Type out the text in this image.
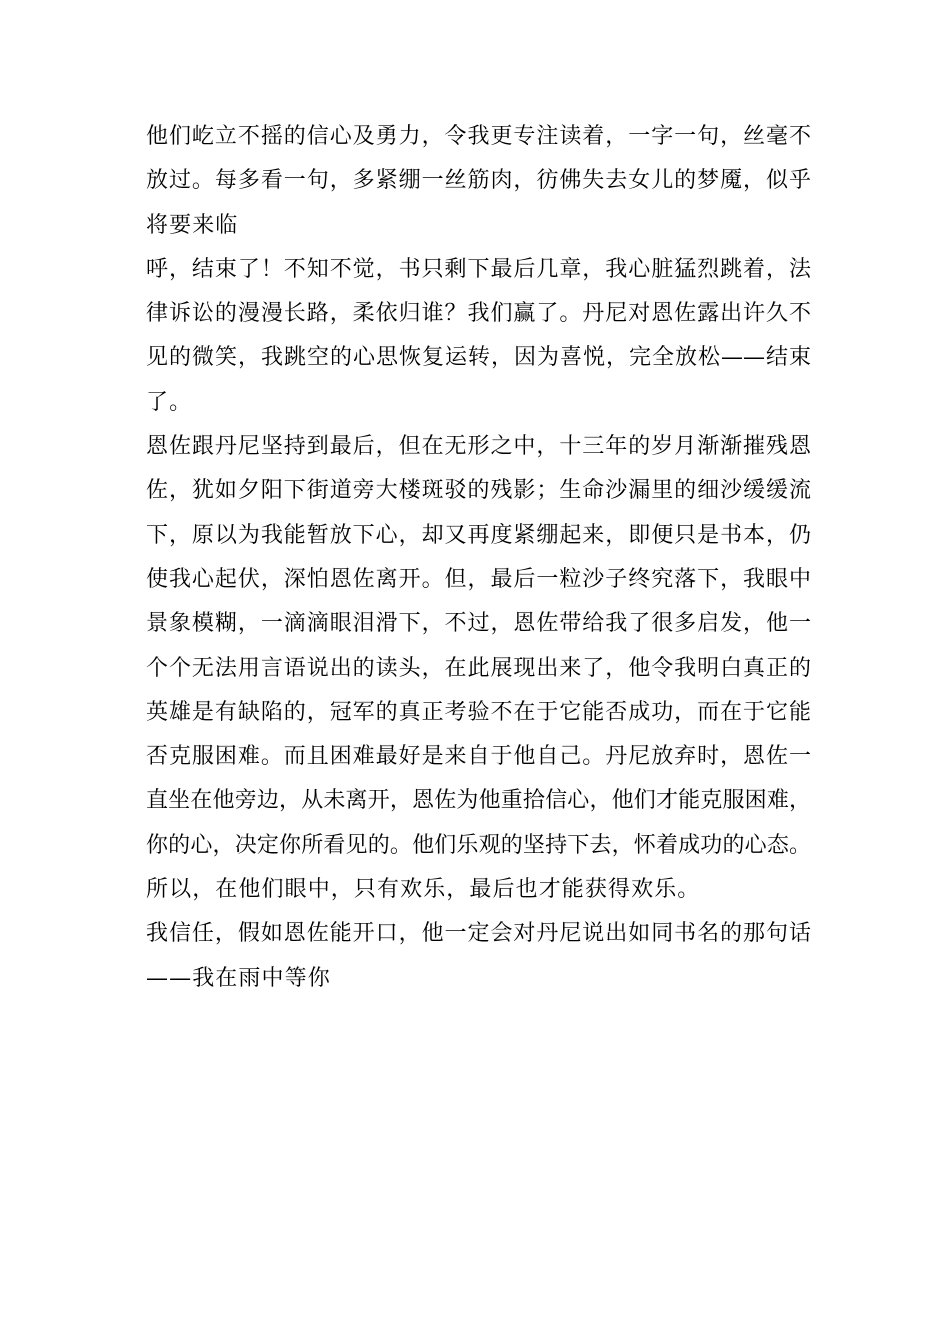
他们屹立不摇的信心及勇力，令我更专注读着，一字一句，丝毫不
放过。每多看一句，多紧绷一丝筋肉，彷佛失去女儿的梦魇，似乎
将要来临
呼，结束了！不知不觉，书只剩下最后几章，我心脏猛烈跳着，法
律诉讼的漫漫长路，柔依归谁？我们赢了。丹尼对恩佐露出许久不
见的微笑，我跳空的心思恢复运转，因为喜悦，完全放松——结束
了。
恩佐跟丹尼坚持到最后，但在无形之中，十三年的岁月渐渐摧残恩
佐，犹如夕阳下街道旁大楼斑驳的残影；生命沙漏里的细沙缓缓流
下，原以为我能暂放下心，却又再度紧绷起来，即便只是书本，仍
使我心起伏，深怕恩佐离开。但，最后一粒沙子终究落下，我眼中
景象模糊，一滴滴眼泪滑下，不过，恩佐带给我了很多启发，他一
个个无法用言语说出的读头，在此展现出来了，他令我明白真正的
英雄是有缺陷的，冠军的真正考验不在于它能否成功，而在于它能
否克服困难。而且困难最好是来自于他自己。丹尼放弃时，恩佐一
直坐在他旁边，从未离开，恩佐为他重拾信心，他们才能克服困难，
你的心，决定你所看见的。他们乐观的坚持下去，怀着成功的心态。
所以，在他们眼中，只有欢乐，最后也才能获得欢乐。
我信任，假如恩佐能开口，他一定会对丹尼说出如同书名的那句话
——我在雨中等你
